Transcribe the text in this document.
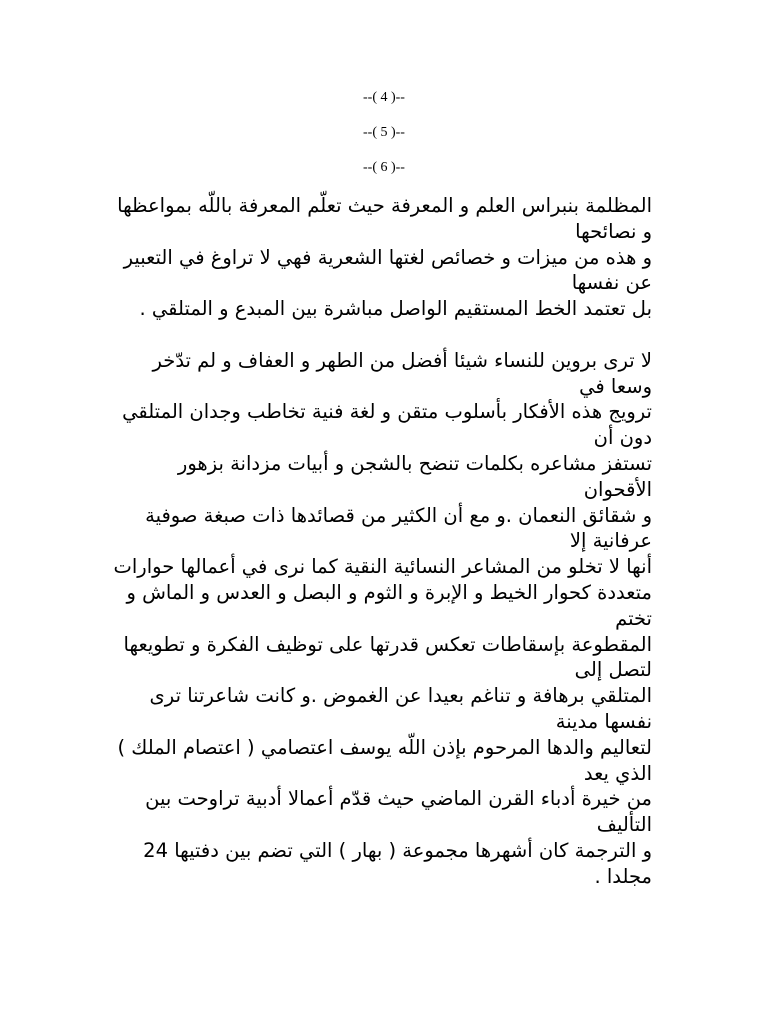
--( 4 )--
--( 5 )--
--( 6 )--

المظلمة بنبراس العلم و المعرفة حيث تعلّم المعرفة باللّه بمواعظها و نصائحها

و هذه من ميزات و خصائص لغتها الشعرية فهي لا تراوغ في التعبير عن نفسها

بل تعتمد الخط المستقيم الواصل مباشرة بين المبدع و المتلقي .

لا ترى بروين للنساء شيئا أفضل من الطهر و العفاف و لم تدّخر وسعا في

ترويج هذه الأفكار بأسلوب متقن و لغة فنية تخاطب وجدان المتلقي دون أن

تستفز مشاعره بكلمات تنضح بالشجن و أبيات مزدانة بزهور الأقحوان

و شقائق النعمان .و مع أن الكثير من قصائدها ذات صبغة صوفية عرفانية إلا

أنها لا تخلو من المشاعر النسائية النقية كما نرى في أعمالها حوارات

متعددة كحوار الخيط و الإبرة و الثوم و البصل و العدس و الماش و تختم

المقطوعة بإسقاطات تعكس قدرتها على توظيف الفكرة و تطويعها لتصل إلى

المتلقي برهافة و تناغم بعيدا عن الغموض .و كانت شاعرتنا ترى نفسها مدينة

لتعاليم والدها المرحوم بإذن اللّه يوسف اعتصامي ( اعتصام الملك ) الذي يعد

من خيرة أدباء القرن الماضي حيث قدّم أعمالا أدبية تراوحت بين التأليف

و الترجمة كان أشهرها مجموعة ( بهار ) التي تضم بين دفتيها 24 مجلدا .
